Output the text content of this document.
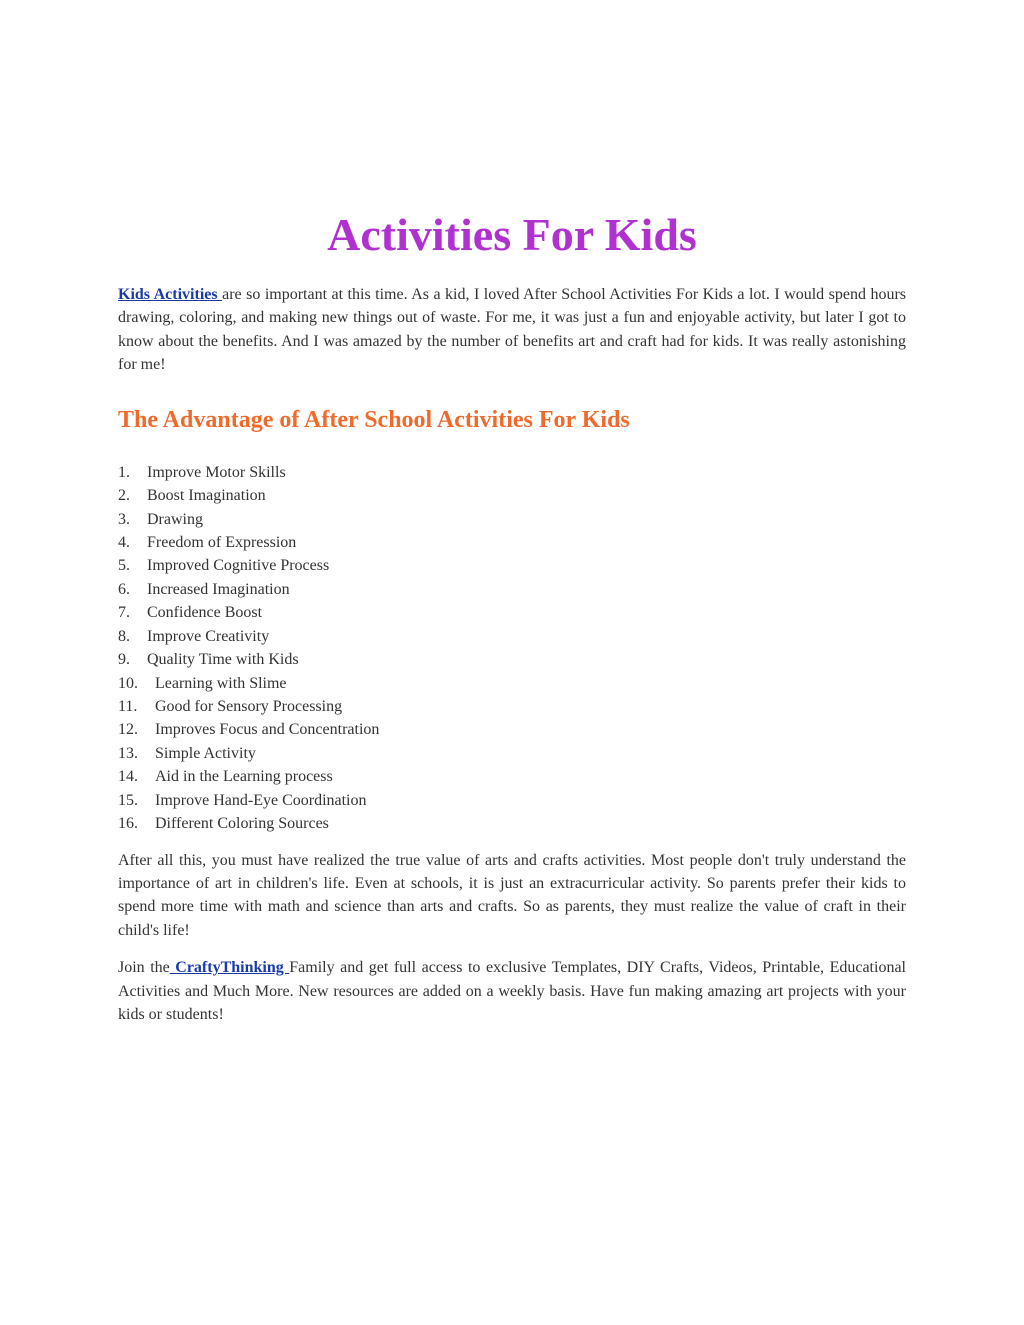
Activities For Kids

Kids Activities are so important at this time. As a kid, I loved After School Activities For Kids a lot. I would spend hours drawing, coloring, and making new things out of waste. For me, it was just a fun and enjoyable activity, but later I got to know about the benefits. And I was amazed by the number of benefits art and craft had for kids. It was really astonishing for me!

The Advantage of After School Activities For Kids
1. Improve Motor Skills
2. Boost Imagination
3. Drawing
4. Freedom of Expression
5. Improved Cognitive Process
6. Increased Imagination
7. Confidence Boost
8. Improve Creativity
9. Quality Time with Kids
10. Learning with Slime
11. Good for Sensory Processing
12. Improves Focus and Concentration
13. Simple Activity
14. Aid in the Learning process
15. Improve Hand-Eye Coordination
16. Different Coloring Sources

After all this, you must have realized the true value of arts and crafts activities. Most people don't truly understand the importance of art in children's life. Even at schools, it is just an extracurricular activity. So parents prefer their kids to spend more time with math and science than arts and crafts. So as parents, they must realize the value of craft in their child's life!

Join the CraftyThinking Family and get full access to exclusive Templates, DIY Crafts, Videos, Printable, Educational Activities and Much More. New resources are added on a weekly basis. Have fun making amazing art projects with your kids or students!
